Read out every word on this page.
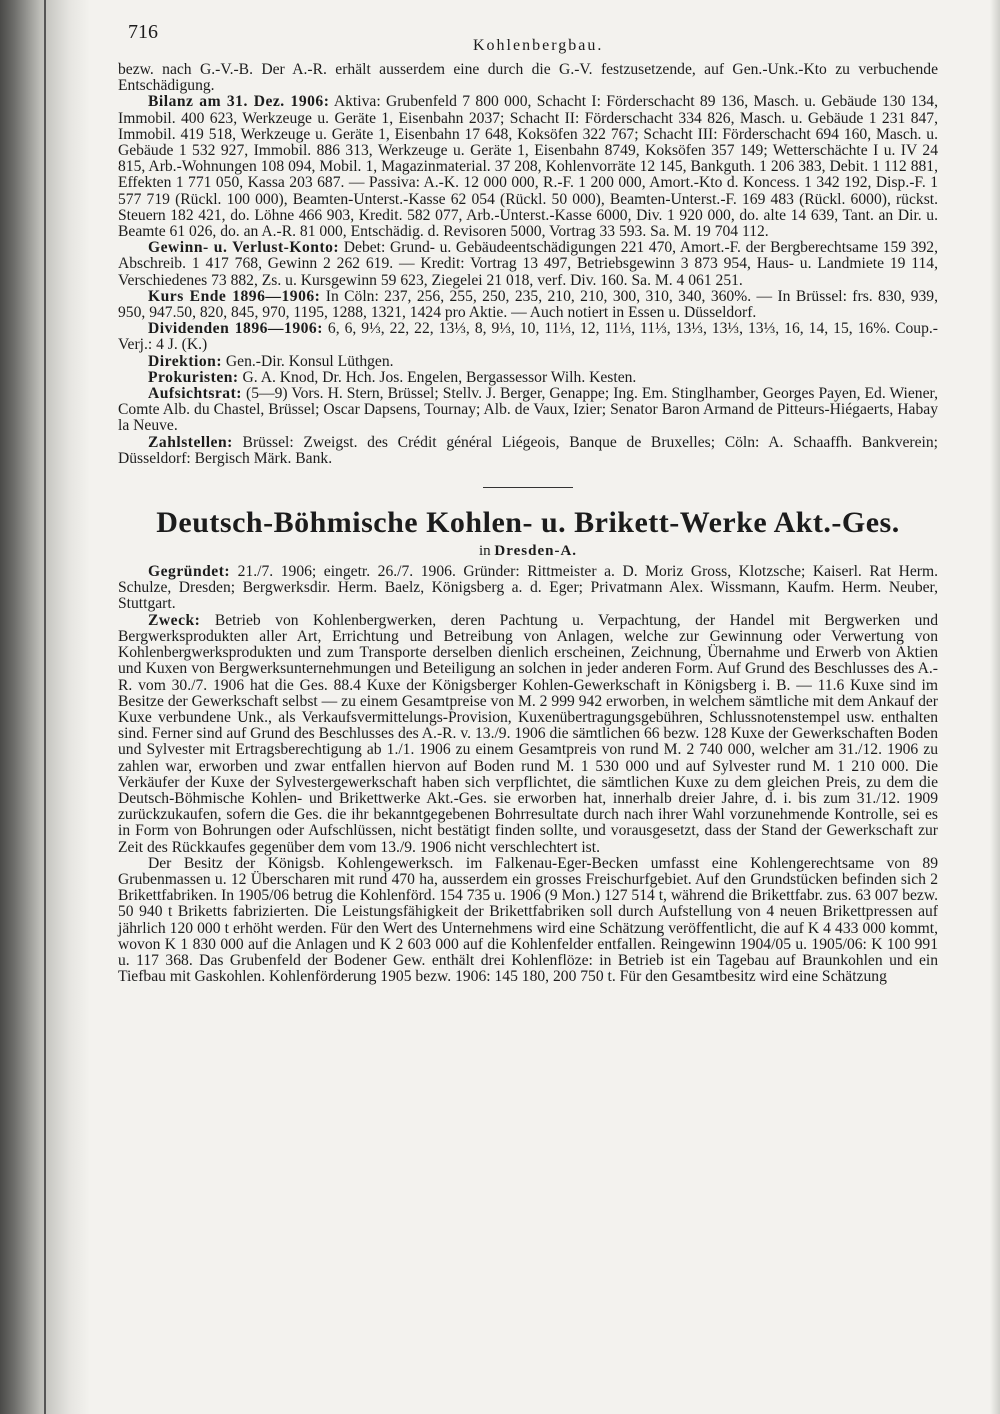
716
Kohlenbergbau.

bezw. nach G.-V.-B. Der A.-R. erhält ausserdem eine durch die G.-V. festzusetzende, auf Gen.-Unk.-Kto zu verbuchende Entschädigung.

Bilanz am 31. Dez. 1906: Aktiva: Grubenfeld 7 800 000, Schacht I: Förderschacht 89 136, Masch. u. Gebäude 130 134, Immobil. 400 623, Werkzeuge u. Geräte 1, Eisenbahn 2037; Schacht II: Förderschacht 334 826, Masch. u. Gebäude 1 231 847, Immobil. 419 518, Werkzeuge u. Geräte 1, Eisenbahn 17 648, Koksöfen 322 767; Schacht III: Förderschacht 694 160, Masch. u. Gebäude 1 532 927, Immobil. 886 313, Werkzeuge u. Geräte 1, Eisenbahn 8749, Koksöfen 357 149; Wetterschächte I u. IV 24 815, Arb.-Wohnungen 108 094, Mobil. 1, Magazinmaterial. 37 208, Kohlenvorräte 12 145, Bankguth. 1 206 383, Debit. 1 112 881, Effekten 1 771 050, Kassa 203 687. — Passiva: A.-K. 12 000 000, R.-F. 1 200 000, Amort.-Kto d. Koncess. 1 342 192, Disp.-F. 1 577 719 (Rückl. 100 000), Beamten-Unterst.-Kasse 62 054 (Rückl. 50 000), Beamten-Unterst.-F. 169 483 (Rückl. 6000), rückst. Steuern 182 421, do. Löhne 466 903, Kredit. 582 077, Arb.-Unterst.-Kasse 6000, Div. 1 920 000, do. alte 14 639, Tant. an Dir. u. Beamte 61 026, do. an A.-R. 81 000, Entschädig. d. Revisoren 5000, Vortrag 33 593. Sa. M. 19 704 112.

Gewinn- u. Verlust-Konto: Debet: Grund- u. Gebäudeentschädigungen 221 470, Amort.-F. der Bergberechtsame 159 392, Abschreib. 1 417 768, Gewinn 2 262 619. — Kredit: Vortrag 13 497, Betriebsgewinn 3 873 954, Haus- u. Landmiete 19 114, Verschiedenes 73 882, Zs. u. Kursgewinn 59 623, Ziegelei 21 018, verf. Div. 160. Sa. M. 4 061 251.

Kurs Ende 1896—1906: In Cöln: 237, 256, 255, 250, 235, 210, 210, 300, 310, 340, 360%. — In Brüssel: frs. 830, 939, 950, 947.50, 820, 845, 970, 1195, 1288, 1321, 1424 pro Aktie. — Auch notiert in Essen u. Düsseldorf.

Dividenden 1896—1906: 6, 6, 9⅓, 22, 22, 13⅓, 8, 9⅓, 10, 11⅓, 12, 11⅓, 11⅓, 13⅓, 13⅓, 13⅓, 16, 14, 15, 16%. Coup.-Verj.: 4 J. (K.)

Direktion: Gen.-Dir. Konsul Lüthgen.

Prokuristen: G. A. Knod, Dr. Hch. Jos. Engelen, Bergassessor Wilh. Kesten.

Aufsichtsrat: (5—9) Vors. H. Stern, Brüssel; Stellv. J. Berger, Genappe; Ing. Em. Stinglhamber, Georges Payen, Ed. Wiener, Comte Alb. du Chastel, Brüssel; Oscar Dapsens, Tournay; Alb. de Vaux, Izier; Senator Baron Armand de Pitteurs-Hiégaerts, Habay la Neuve.

Zahlstellen: Brüssel: Zweigst. des Crédit général Liégeois, Banque de Bruxelles; Cöln: A. Schaaffh. Bankverein; Düsseldorf: Bergisch Märk. Bank.

Deutsch-Böhmische Kohlen- u. Brikett-Werke Akt.-Ges.
in Dresden-A.

Gegründet: 21./7. 1906; eingetr. 26./7. 1906. Gründer: Rittmeister a. D. Moriz Gross, Klotzsche; Kaiserl. Rat Herm. Schulze, Dresden; Bergwerksdir. Herm. Baelz, Königsberg a. d. Eger; Privatmann Alex. Wissmann, Kaufm. Herm. Neuber, Stuttgart.

Zweck: Betrieb von Kohlenbergwerken, deren Pachtung u. Verpachtung, der Handel mit Bergwerken und Bergwerksprodukten aller Art, Errichtung und Betreibung von Anlagen, welche zur Gewinnung oder Verwertung von Kohlenbergwerksprodukten und zum Transporte derselben dienlich erscheinen, Zeichnung, Übernahme und Erwerb von Aktien und Kuxen von Bergwerksunternehmungen und Beteiligung an solchen in jeder anderen Form. Auf Grund des Beschlusses des A.-R. vom 30./7. 1906 hat die Ges. 88.4 Kuxe der Königsberger Kohlen-Gewerkschaft in Königsberg i. B. — 11.6 Kuxe sind im Besitze der Gewerkschaft selbst — zu einem Gesamtpreise von M. 2 999 942 erworben, in welchem sämtliche mit dem Ankauf der Kuxe verbundene Unk., als Verkaufsvermittelungs-Provision, Kuxenübertragungsgebühren, Schlussnotenstempel usw. enthalten sind. Ferner sind auf Grund des Beschlusses des A.-R. v. 13./9. 1906 die sämtlichen 66 bezw. 128 Kuxe der Gewerkschaften Boden und Sylvester mit Ertragsberechtigung ab 1./1. 1906 zu einem Gesamtpreis von rund M. 2 740 000, welcher am 31./12. 1906 zu zahlen war, erworben und zwar entfallen hiervon auf Boden rund M. 1 530 000 und auf Sylvester rund M. 1 210 000. Die Verkäufer der Kuxe der Sylvestergewerkschaft haben sich verpflichtet, die sämtlichen Kuxe zu dem gleichen Preis, zu dem die Deutsch-Böhmische Kohlen- und Brikettwerke Akt.-Ges. sie erworben hat, innerhalb dreier Jahre, d. i. bis zum 31./12. 1909 zurückzukaufen, sofern die Ges. die ihr bekanntgegebenen Bohrresultate durch nach ihrer Wahl vorzunehmende Kontrolle, sei es in Form von Bohrungen oder Aufschlüssen, nicht bestätigt finden sollte, und vorausgesetzt, dass der Stand der Gewerkschaft zur Zeit des Rückkaufes gegenüber dem vom 13./9. 1906 nicht verschlechtert ist.

Der Besitz der Königsb. Kohlengewerksch. im Falkenau-Eger-Becken umfasst eine Kohlengerechtsame von 89 Grubenmassen u. 12 Überscharen mit rund 470 ha, ausserdem ein grosses Freischurfgebiet. Auf den Grundstücken befinden sich 2 Brikettfabriken. In 1905/06 betrug die Kohlenförd. 154 735 u. 1906 (9 Mon.) 127 514 t, während die Brikettfabr. zus. 63 007 bezw. 50 940 t Briketts fabrizierten. Die Leistungsfähigkeit der Brikettfabriken soll durch Aufstellung von 4 neuen Brikettpressen auf jährlich 120 000 t erhöht werden. Für den Wert des Unternehmens wird eine Schätzung veröffentlicht, die auf K 4 433 000 kommt, wovon K 1 830 000 auf die Anlagen und K 2 603 000 auf die Kohlenfelder entfallen. Reingewinn 1904/05 u. 1905/06: K 100 991 u. 117 368. Das Grubenfeld der Bodener Gew. enthält drei Kohlenflöze: in Betrieb ist ein Tagebau auf Braunkohlen und ein Tiefbau mit Gaskohlen. Kohlenförderung 1905 bezw. 1906: 145 180, 200 750 t. Für den Gesamtbesitz wird eine Schätzung
